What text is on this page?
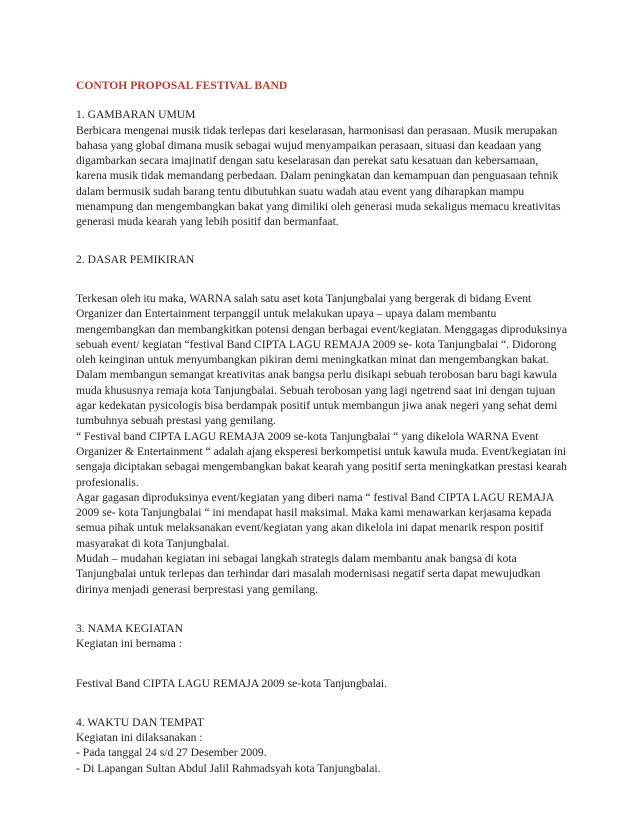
CONTOH PROPOSAL FESTIVAL BAND
1. GAMBARAN UMUM
Berbicara mengenai musik tidak terlepas dari keselarasan, harmonisasi dan perasaan. Musik merupakan
bahasa yang global dimana musik sebagai wujud menyampaikan perasaan, situasi dan keadaan yang
digambarkan secara imajinatif dengan satu keselarasan dan perekat satu kesatuan dan kebersamaan,
karena musik tidak memandang perbedaan. Dalam peningkatan dan kemampuan dan penguasaan tehnik
dalam bermusik sudah barang tentu dibutuhkan suatu wadah atau event yang diharapkan mampu
menampung dan mengembangkan bakat yang dimiliki oleh generasi muda sekaligus memacu kreativitas
generasi muda kearah yang lebih positif dan bermanfaat.
2. DASAR PEMIKIRAN
Terkesan oleh itu maka, WARNA salah satu aset kota Tanjungbalai yang bergerak di bidang Event
Organizer dan Entertainment terpanggil untuk melakukan upaya – upaya dalam membantu
mengembangkan dan membangkitkan potensi dengan berbagai event/kegiatan. Menggagas diproduksinya
sebuah event/ kegiatan “festival Band CIPTA LAGU REMAJA 2009 se- kota Tanjungbalai “. Didorong
oleh keinginan untuk menyumbangkan pikiran demi meningkatkan minat dan mengembangkan bakat.
Dalam membangun semangat kreativitas anak bangsa perlu disikapi sebuah terobosan baru bagi kawula
muda khususnya remaja kota Tanjungbalai. Sebuah terobosan yang lagi ngetrend saat ini dengan tujuan
agar kedekatan pysicologis bisa berdampak positif untuk membangun jiwa anak negeri yang sehat demi
tumbuhnya sebuah prestasi yang gemilang.
“ Festival band CIPTA LAGU REMAJA 2009 se-kota Tanjungbalai “ yang dikelola WARNA Event
Organizer & Entertainment “ adalah ajang eksperesi berkompetisi untuk kawula muda. Event/kegiatan ini
sengaja diciptakan sebagai mengembangkan bakat kearah yang positif serta meningkatkan prestasi kearah
profesionalis.
Agar gagasan diproduksinya event/kegiatan yang diberi nama “ festival Band CIPTA LAGU REMAJA
2009 se- kota Tanjungbalai “ ini mendapat hasil maksimal. Maka kami menawarkan kerjasama kepada
semua pihak untuk melaksanakan event/kegiatan yang akan dikelola ini dapat menarik respon positif
masyarakat di kota Tanjungbalai.
Mudah – mudahan kegiatan ini sebagai langkah strategis dalam membantu anak bangsa di kota
Tanjungbalai untuk terlepas dan terhindar dari masalah modernisasi negatif serta dapat mewujudkan
dirinya menjadi generasi berprestasi yang gemilang.
3. NAMA KEGIATAN
Kegiatan ini bernama :
Festival Band CIPTA LAGU REMAJA 2009 se-kota Tanjungbalai.
4. WAKTU DAN TEMPAT
Kegiatan ini dilaksanakan :
- Pada tanggal 24 s/d 27 Desember 2009.
- Di Lapangan Sultan Abdul Jalil Rahmadsyah kota Tanjungbalai.
